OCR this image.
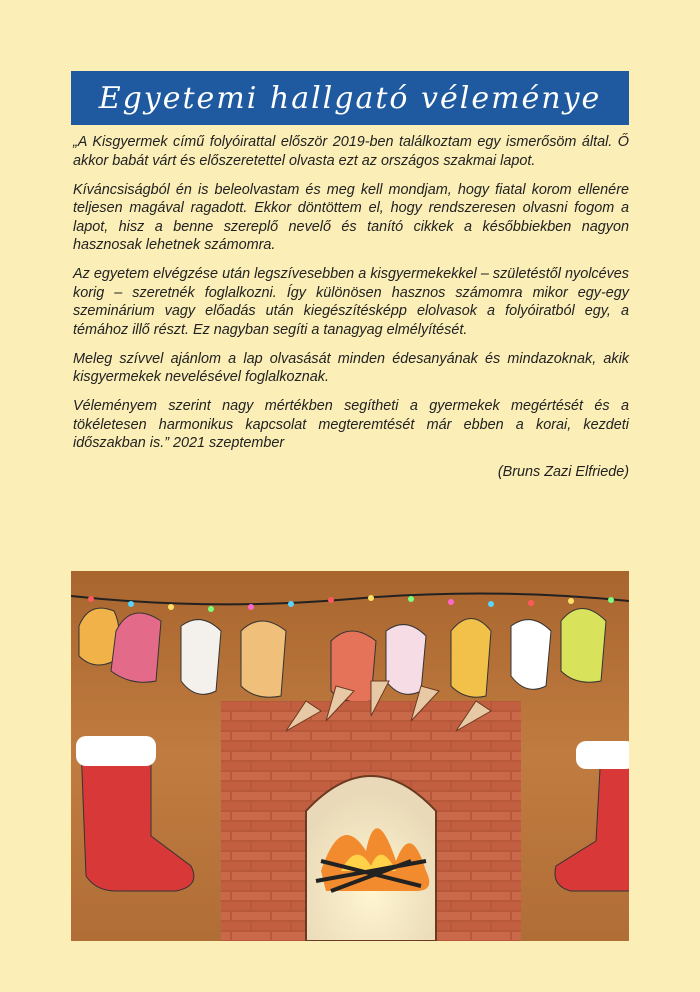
Egyetemi hallgató véleménye

„A Kisgyermek című folyóirattal először 2019-ben találkoztam egy ismerősöm által. Ő akkor babát várt és előszeretettel olvasta ezt az országos szakmai lapot.

Kíváncsiságból én is beleolvastam és meg kell mondjam, hogy fiatal korom ellenére teljesen magával ragadott. Ekkor döntöttem el, hogy rendszeresen olvasni fogom a lapot, hisz a benne szereplő nevelő és tanító cikkek a későbbiekben nagyon hasznosak lehetnek számomra.

Az egyetem elvégzése után legszívesebben a kisgyermekekkel – születéstől nyolcéves korig – szeretnék foglalkozni. Így különösen hasznos számomra mikor egy-egy szeminárium vagy előadás után kiegészítésképp elolvasok a folyóiratból egy, a témához illő részt. Ez nagyban segíti a tanagyag elmélyítését.

Meleg szívvel ajánlom a lap olvasását minden édesanyának és mindazoknak, akik kisgyermekek nevelésével foglalkoznak.

Véleményem szerint nagy mértékben segítheti a gyermekek megértését és a tökéletesen harmonikus kapcsolat megteremtését már ebben a korai, kezdeti időszakban is.” 2021 szeptember

(Bruns Zazi Elfriede)
